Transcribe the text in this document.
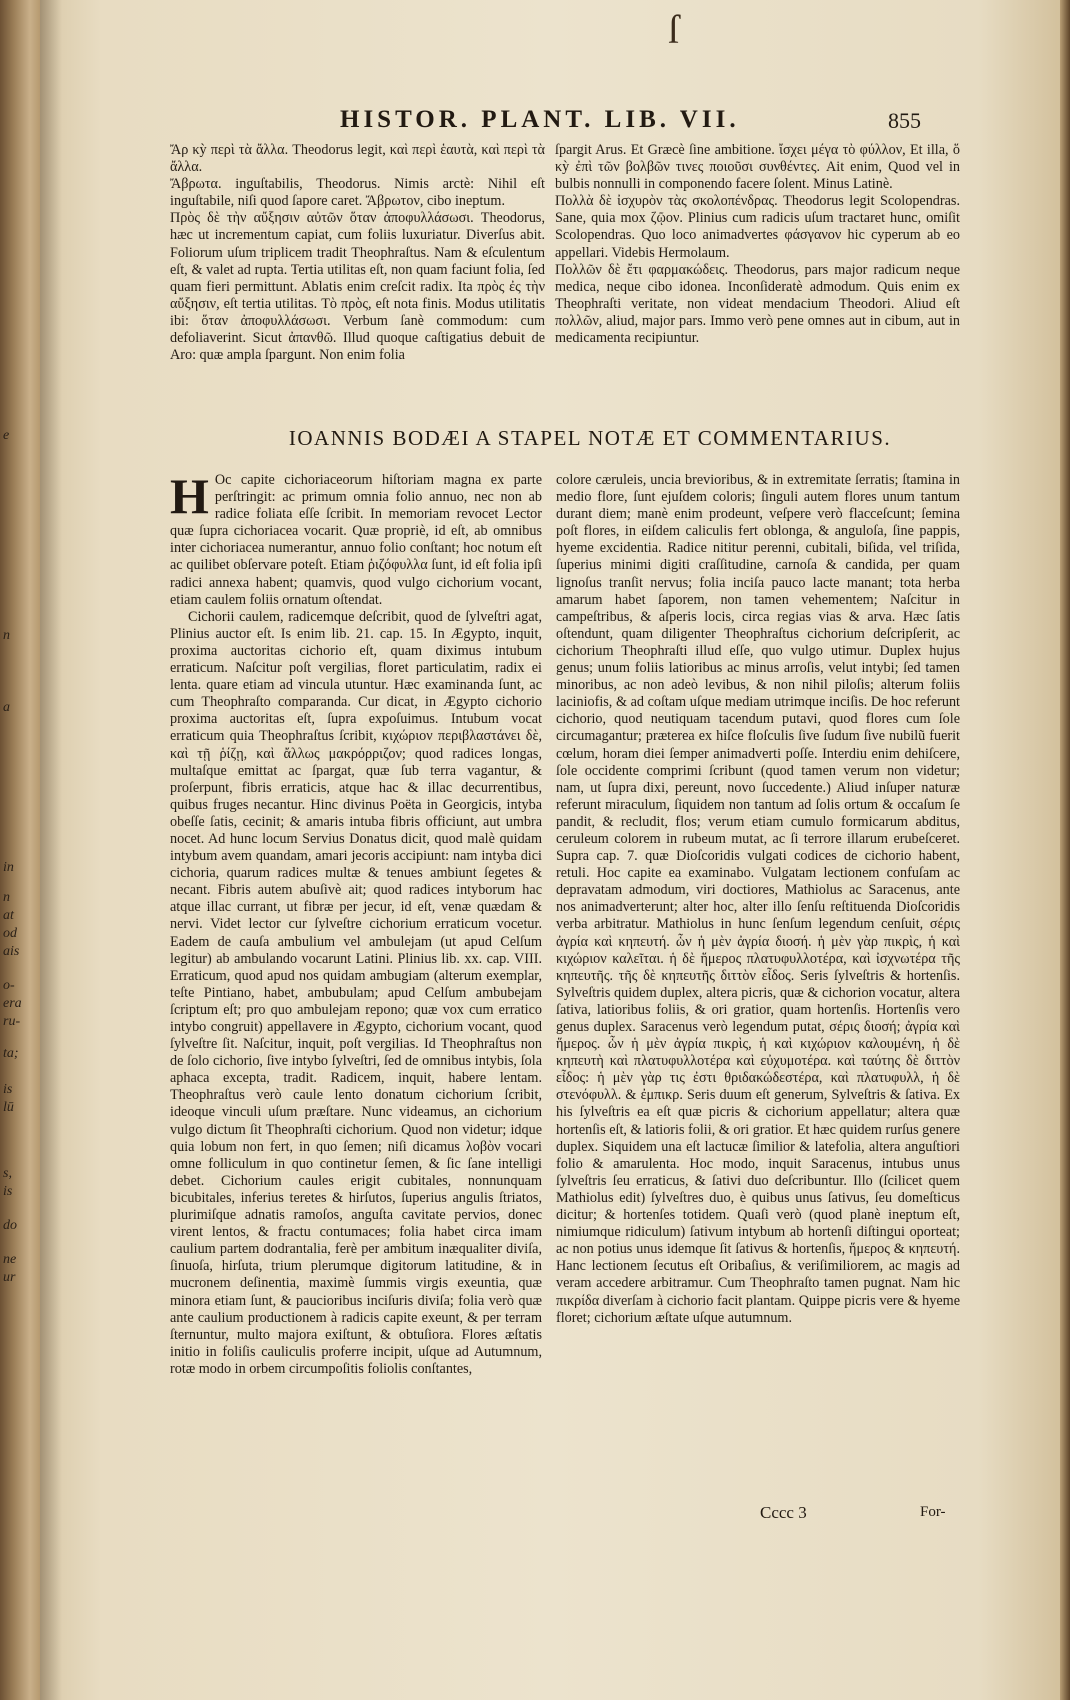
e
n
a
in
n
at
od
ais
o-
era
ru-
ta;
is
lū
s,
is
do
ne
ur
ſ
HISTOR. PLANT. LIB. VII.	855

Ἄρ κỳ περὶ τὰ ἄλλα. Theodorus legit, καὶ περὶ ἑαυτὰ, καὶ περὶ τὰ ἄλλα.

Ἄβρωτα. inguſtabilis, Theodorus. Nimis arctè: Nihil eſt inguſtabile, niſi quod ſapore caret. Ἄβρωτον, cibo ineptum.

Πρὸς δὲ τὴν αὔξησιν αὐτῶν ὅταν ἀποφυλλάσωσι. Theodorus, hæc ut incrementum capiat, cum foliis luxuriatur. Diverſus abit. Foliorum uſum triplicem tradit Theophraſtus. Nam & eſculentum eſt, & valet ad rupta. Tertia utilitas eſt, non quam faciunt folia, ſed quam fieri permittunt. Ablatis enim creſcit radix. Ita πρὸς ἐς τὴν αὔξησιν, eſt tertia utilitas. Τὸ πρὸς, eſt nota finis. Modus utilitatis ibi: ὅταν ἀποφυλλάσωσι. Verbum ſanè commodum: cum defoliaverint. Sicut ἀπανθῶ. Illud quoque caſtigatius debuit de Aro: quæ ampla ſpargunt. Non enim folia

ſpargit Arus. Et Græcè ſine ambitione. ἴσχει μέγα τὸ φύλλον, Et illa, ὅ κỳ ἐπὶ τῶν βολβῶν τινες ποιοῦσι συνθέντες. Ait enim, Quod vel in bulbis nonnulli in componendo facere ſolent. Minus Latinè.

Πολλὰ δὲ ἰσχυρὸν τὰς σκολοπένδρας. Theodorus legit Scolopendras. Sane, quia mox ζῷον. Plinius cum radicis uſum tractaret hunc, omiſit Scolopendras. Quo loco animadvertes φάσγανον hic cyperum ab eo appellari. Videbis Hermolaum.

Πολλῶν δὲ ἔτι φαρμακώδεις. Theodorus, pars major radicum neque medica, neque cibo idonea. Inconſideratè admodum. Quis enim ex Theophraſti veritate, non videat mendacium Theodori. Aliud eſt πολλῶν, aliud, major pars. Immo verò pene omnes aut in cibum, aut in medicamenta recipiuntur.

IOANNIS BODÆI A STAPEL NOTÆ ET COMMENTARIUS.

H Oc capite cichoriaceorum hiſtoriam magna ex parte perſtringit: ac primum omnia folio annuo, nec non ab radice foliata eſſe ſcribit. In memoriam revocet Lector quæ ſupra cichoriacea vocarit. Quæ propriè, id eſt, ab omnibus inter cichoriacea numerantur, annuo folio conſtant; hoc notum eſt ac quilibet obſervare poteſt. Etiam ῥιζόφυλλα ſunt, id eſt folia ipſi radici annexa habent; quamvis, quod vulgo cichorium vocant, etiam caulem foliis ornatum oſtendat.

Cichorii caulem, radicemque deſcribit, quod de ſylveſtri agat, Plinius auctor eſt. Is enim lib. 21. cap. 15. In Ægypto, inquit, proxima auctoritas cichorio eſt, quam diximus intubum erraticum. Naſcitur poſt vergilias, floret particulatim, radix ei lenta. quare etiam ad vincula utuntur. Hæc examinanda ſunt, ac cum Theophraſto comparanda. Cur dicat, in Ægypto cichorio proxima auctoritas eſt, ſupra expoſuimus. Intubum vocat erraticum quia Theophraſtus ſcribit, κιχώριον περιβλαστάνει δὲ, καὶ τῇ ῥίζῃ, καὶ ἄλλως μακρόρριζον; quod radices longas, multaſque emittat ac ſpargat, quæ ſub terra vagantur, & proſerpunt, fibris erraticis, atque hac & illac decurrentibus, quibus fruges necantur. Hinc divinus Poëta in Georgicis, intyba obeſſe ſatis, cecinit; & amaris intuba fibris officiunt, aut umbra nocet. Ad hunc locum Servius Donatus dicit, quod malè quidam intybum avem quandam, amari jecoris accipiunt: nam intyba dici cichoria, quarum radices multæ & tenues ambiunt ſegetes & necant. Fibris autem abuſivè ait; quod radices intyborum hac atque illac currant, ut fibræ per jecur, id eſt, venæ quædam & nervi. Videt lector cur ſylveſtre cichorium erraticum vocetur. Eadem de cauſa ambulium vel ambulejam (ut apud Celſum legitur) ab ambulando vocarunt Latini. Plinius lib. xx. cap. VIII. Erraticum, quod apud nos quidam ambugiam (alterum exemplar, teſte Pintiano, habet, ambubulam; apud Celſum ambubejam ſcriptum eſt; pro quo ambulejam repono; quæ vox cum erratico intybo congruit) appellavere in Ægypto, cichorium vocant, quod ſylveſtre ſit. Naſcitur, inquit, poſt vergilias. Id Theophraſtus non de ſolo cichorio, ſive intybo ſylveſtri, ſed de omnibus intybis, ſola aphaca excepta, tradit. Radicem, inquit, habere lentam. Theophraſtus verò caule lento donatum cichorium ſcribit, ideoque vinculi uſum præſtare. Nunc videamus, an cichorium vulgo dictum ſit Theophraſti cichorium. Quod non videtur; idque quia lobum non fert, in quo ſemen; niſi dicamus λοβὸν vocari omne folliculum in quo continetur ſemen, & ſic ſane intelligi debet. Cichorium caules erigit cubitales, nonnunquam bicubitales, inferius teretes & hirſutos, ſuperius angulis ſtriatos, plurimiſque adnatis ramoſos, anguſta cavitate pervios, donec virent lentos, & fractu contumaces; folia habet circa imam caulium partem dodrantalia, ferè per ambitum inæqualiter diviſa, ſinuoſa, hirſuta, trium plerumque digitorum latitudine, & in mucronem deſinentia, maximè ſummis virgis exeuntia, quæ minora etiam ſunt, & paucioribus inciſuris diviſa; folia verò quæ ante caulium productionem à radicis capite exeunt, & per terram ſternuntur, multo majora exiſtunt, & obtuſiora. Flores æſtatis initio in foliſis cauliculis proferre incipit, uſque ad Autumnum, rotæ modo in orbem circumpoſitis foliolis conſtantes,

colore cæruleis, uncia brevioribus, & in extremitate ſerratis; ſtamina in medio flore, ſunt ejuſdem coloris; ſinguli autem flores unum tantum durant diem; manè enim prodeunt, veſpere verò flacceſcunt; ſemina poſt flores, in eiſdem caliculis fert oblonga, & anguloſa, ſine pappis, hyeme excidentia. Radice nititur perenni, cubitali, biſida, vel triſida, ſuperius minimi digiti craſſitudine, carnoſa & candida, per quam lignoſus tranſit nervus; folia inciſa pauco lacte manant; tota herba amarum habet ſaporem, non tamen vehementem; Naſcitur in campeſtribus, & aſperis locis, circa regias vias & arva. Hæc ſatis oſtendunt, quam diligenter Theophraſtus cichorium deſcripſerit, ac cichorium Theophraſti illud eſſe, quo vulgo utimur. Duplex hujus genus; unum foliis latioribus ac minus arroſis, velut intybi; ſed tamen minoribus, ac non adeò levibus, & non nihil piloſis; alterum foliis laciniofis, & ad coſtam uſque mediam utrimque inciſis. De hoc referunt cichorio, quod neutiquam tacendum putavi, quod flores cum ſole circumagantur; præterea ex hiſce floſculis ſive ſudum ſive nubilũ fuerit cœlum, horam diei ſemper animadverti poſſe. Interdiu enim dehiſcere, ſole occidente comprimi ſcribunt (quod tamen verum non videtur; nam, ut ſupra dixi, pereunt, novo ſuccedente.) Aliud inſuper naturæ referunt miraculum, ſiquidem non tantum ad ſolis ortum & occaſum ſe pandit, & recludit, flos; verum etiam cumulo formicarum abditus, ceruleum colorem in rubeum mutat, ac ſi terrore illarum erubeſceret. Supra cap. 7. quæ Dioſcoridis vulgati codices de cichorio habent, retuli. Hoc capite ea examinabo. Vulgatam lectionem confuſam ac depravatam admodum, viri doctiores, Mathiolus ac Saracenus, ante nos animadverterunt; alter hoc, alter illo ſenſu reſtituenda Dioſcoridis verba arbitratur. Mathiolus in hunc ſenſum legendum cenſuit, σέρις ἀγρία καὶ κηπευτή. ὧν ἡ μὲν ἀγρία διοσή. ἡ μὲν γὰρ πικρὶς, ἡ καὶ κιχώριον καλεῖται. ἡ δὲ ἥμερος πλατυφυλλοτέρα, καὶ ἰσχνωτέρα τῆς κηπευτῆς. τῆς δὲ κηπευτῆς διττὸν εἶδος. Seris ſylveſtris & hortenſis. Sylveſtris quidem duplex, altera picris, quæ & cichorion vocatur, altera ſativa, latioribus foliis, & ori gratior, quam hortenſis. Hortenſis vero genus duplex. Saracenus verò legendum putat, σέρις διοσή; ἀγρία καὶ ἥμερος. ὧν ἡ μὲν ἀγρία πικρὶς, ἡ καὶ κιχώριον καλουμένη, ἡ δὲ κηπευτὴ καὶ πλατυφυλλοτέρα καὶ εὐχυμοτέρα. καὶ ταύτης δὲ διττὸν εἶδος: ἡ μὲν γὰρ τις ἐστι θριδακώδεστέρα, καὶ πλατυφυλλ, ἡ δὲ στενόφυλλ. & ἐμπικρ. Seris duum eſt generum, Sylveſtris & ſativa. Ex his ſylveſtris ea eſt quæ picris & cichorium appellatur; altera quæ hortenſis eſt, & latioris folii, & ori gratior. Et hæc quidem rurſus genere duplex. Siquidem una eſt lactucæ ſimilior & latefolia, altera anguſtiori folio & amarulenta. Hoc modo, inquit Saracenus, intubus unus ſylveſtris ſeu erraticus, & ſativi duo deſcribuntur. Illo (ſcilicet quem Mathiolus edit) ſylveſtres duo, è quibus unus ſativus, ſeu domeſticus dicitur; & hortenſes totidem. Quaſi verò (quod planè ineptum eſt, nimiumque ridiculum) ſativum intybum ab hortenſi diſtingui oporteat; ac non potius unus idemque ſit ſativus & hortenſis, ἥμερος & κηπευτή. Hanc lectionem ſecutus eſt Oribaſius, & veriſimiliorem, ac magis ad veram accedere arbitramur. Cum Theophraſto tamen pugnat. Nam hic πικρίδα diverſam à cichorio facit plantam. Quippe picris vere & hyeme floret; cichorium æſtate uſque autumnum.

Cccc 3	For-
